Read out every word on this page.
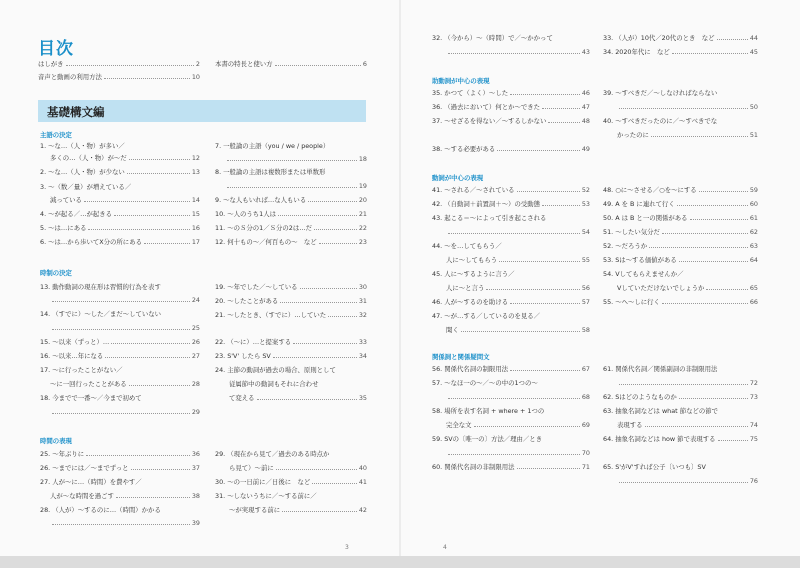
3	4
目次
はしがき	2
音声と動画の利用方法	10
本書の特長と使い方	6
基礎構文編
主語の決定
1. 〜な…（人・物）が多い／
多くの…（人・物）が〜だ	12
2. 〜な…（人・物）が少ない	13
3. 〜（数／量）が増えている／
減っている	14
4. 〜が起る／…が起きる	15
5. 〜は…にある	16
6. 〜は…から歩いてX分の所にある	17
7. 一般論の主語（you / we / people）
18
8. 一般論の主語は複数形または単数形
19
9. 〜な人もいれば…な人もいる	20
10. 〜人のうち1人は	21
11. 〜のＳ分の1／Ｓ分の2は…だ	22
12. 何十もの〜／何百もの〜　など	23
時制の決定
13. 動作動詞の現在形は習慣的行為を表す
24
14. （すでに）〜した／まだ〜していない
25
15. 〜以来（ずっと）…	26
16. 〜以来…年になる	27
17. 〜に行ったことがない／
〜に一回行ったことがある	28
18. 今までで一番〜／今まで初めて
29
19. 〜年でした／〜している	30
20. 〜したことがある	31
21. 〜したとき、（すでに）…していた	32
22. （〜に）…と提案する	33
23. S'V' したら SV	34
24. 主節の動詞が過去の場合、原則として
従属節中の動詞もそれに合わせ
て変える	35
時間の表現
25. 〜年ぶりに	36
26. 〜までには／〜までずっと	37
27. 人が〜に…（時間）を費やす／
人が〜な時間を過ごす	38
28. （人が）〜するのに…（時間）かかる
39
29. （現在から見て／過去のある時点か
ら見て）〜前に	40
30. 〜の一日前に／日後に　など	41
31. 〜しないうちに／〜する前に／
〜が実現する前に	42
32. （今から）〜（時間）で／〜かかって
43
33. （人が）10代／20代のとき　など	44
34. 2020年代に　など	45
助動詞が中心の表現
35. かつて（よく）〜した	46
36. （過去において）何とか〜できた	47
37. 〜せざるを得ない／〜するしかない	48
38. 〜する必要がある	49
39. 〜すべきだ／〜しなければならない
50
40. 〜すべきだったのに／〜すべきでな
かったのに	51
動詞が中心の表現
41. 〜される／〜されている	52
42. （自動詞＋前置詞＋〜）の受動態	53
43. 起こる＝〜によって引き起こされる
54
44. 〜を…してもらう／
人に〜してもらう	55
45. 人に〜するように言う／
人に〜と言う	56
46. 人が〜するのを助ける	57
47. 〜が…する／しているのを見る／
聞く	58
48. ○に〜させる／○を〜にする	59
49. A を B に連れて行く	60
50. A は B と一の関係がある	61
51. 〜したい気分だ	62
52. 〜だろうか	63
53. Sは〜する価値がある	64
54. Vしてもらえませんか／
Vしていただけないでしょうか	65
55. 〜へ〜しに行く	66
関係詞と関係疑問文
56. 関係代名詞の制限用法	67
57. 〜なほ一の〜／〜の中の1つの〜
68
58. 場所を表す名詞 + where + 1つの
完全な文	69
59. SVの〔唯一の〕方法／理由／とき
70
60. 関係代名詞の非制限用法	71
61. 関係代名詞／関係副詞の非制限用法
72
62. Sはどのようなものか	73
63. 抽象名詞などは what 節などの節で
表現する	74
64. 抽象名詞などは how 節で表現する	75
65. S'がV'すれば公子〔いつも〕SV
76
